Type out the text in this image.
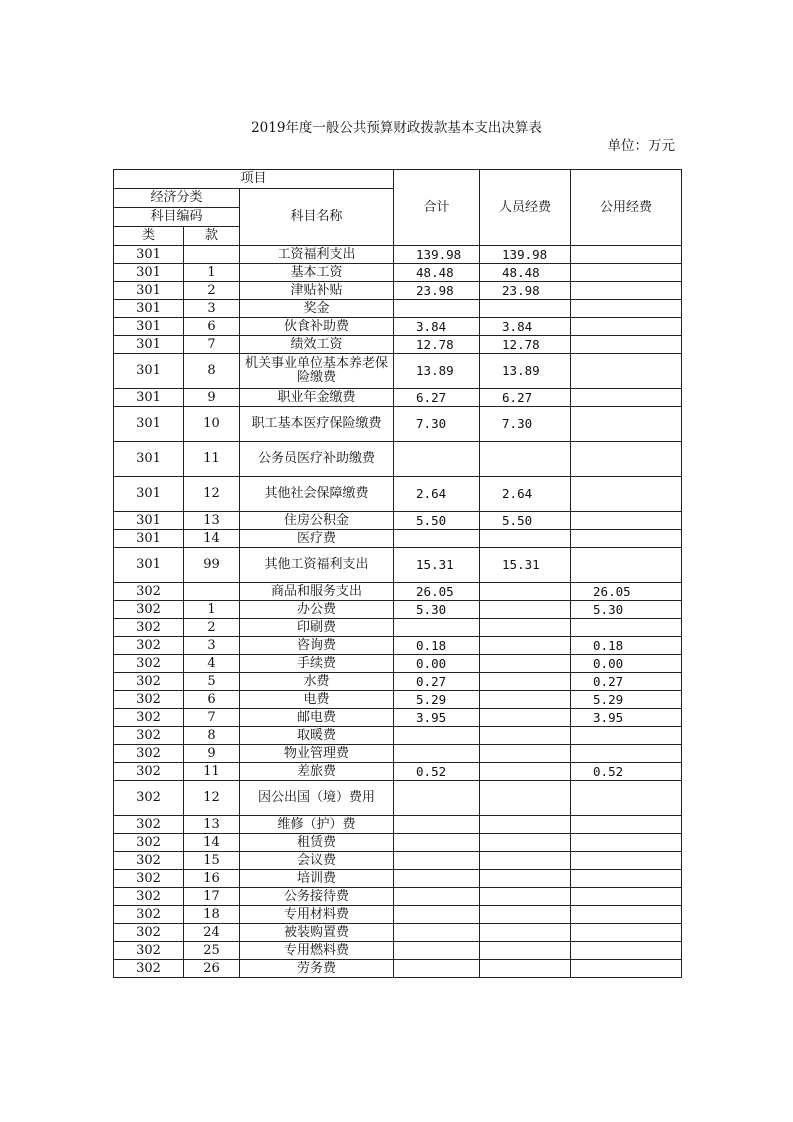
2019年度一般公共预算财政拨款基本支出决算表
单位：万元
项目			合计	人员经费	公用经费
经济分类		科目名称			
科目编码					
类	款				
301		工资福利支出	139.98	139.98	
301	1	基本工资	48.48	48.48	
301	2	津贴补贴	23.98	23.98	
301	3	奖金			
301	6	伙食补助费	3.84	3.84	
301	7	绩效工资	12.78	12.78	
301	8	机关事业单位基本养老保险缴费	13.89	13.89	
301	9	职业年金缴费	6.27	6.27	
301	10	职工基本医疗保险缴费	7.30	7.30	
301	11	公务员医疗补助缴费			
301	12	其他社会保障缴费	2.64	2.64	
301	13	住房公积金	5.50	5.50	
301	14	医疗费			
301	99	其他工资福利支出	15.31	15.31	
302		商品和服务支出	26.05		26.05
302	1	办公费	5.30		5.30
302	2	印刷费			
302	3	咨询费	0.18		0.18
302	4	手续费	0.00		0.00
302	5	水费	0.27		0.27
302	6	电费	5.29		5.29
302	7	邮电费	3.95		3.95
302	8	取暖费			
302	9	物业管理费			
302	11	差旅费	0.52		0.52
302	12	因公出国（境）费用			
302	13	维修（护）费			
302	14	租赁费			
302	15	会议费			
302	16	培训费			
302	17	公务接待费			
302	18	专用材料费			
302	24	被装购置费			
302	25	专用燃料费			
302	26	劳务费			
